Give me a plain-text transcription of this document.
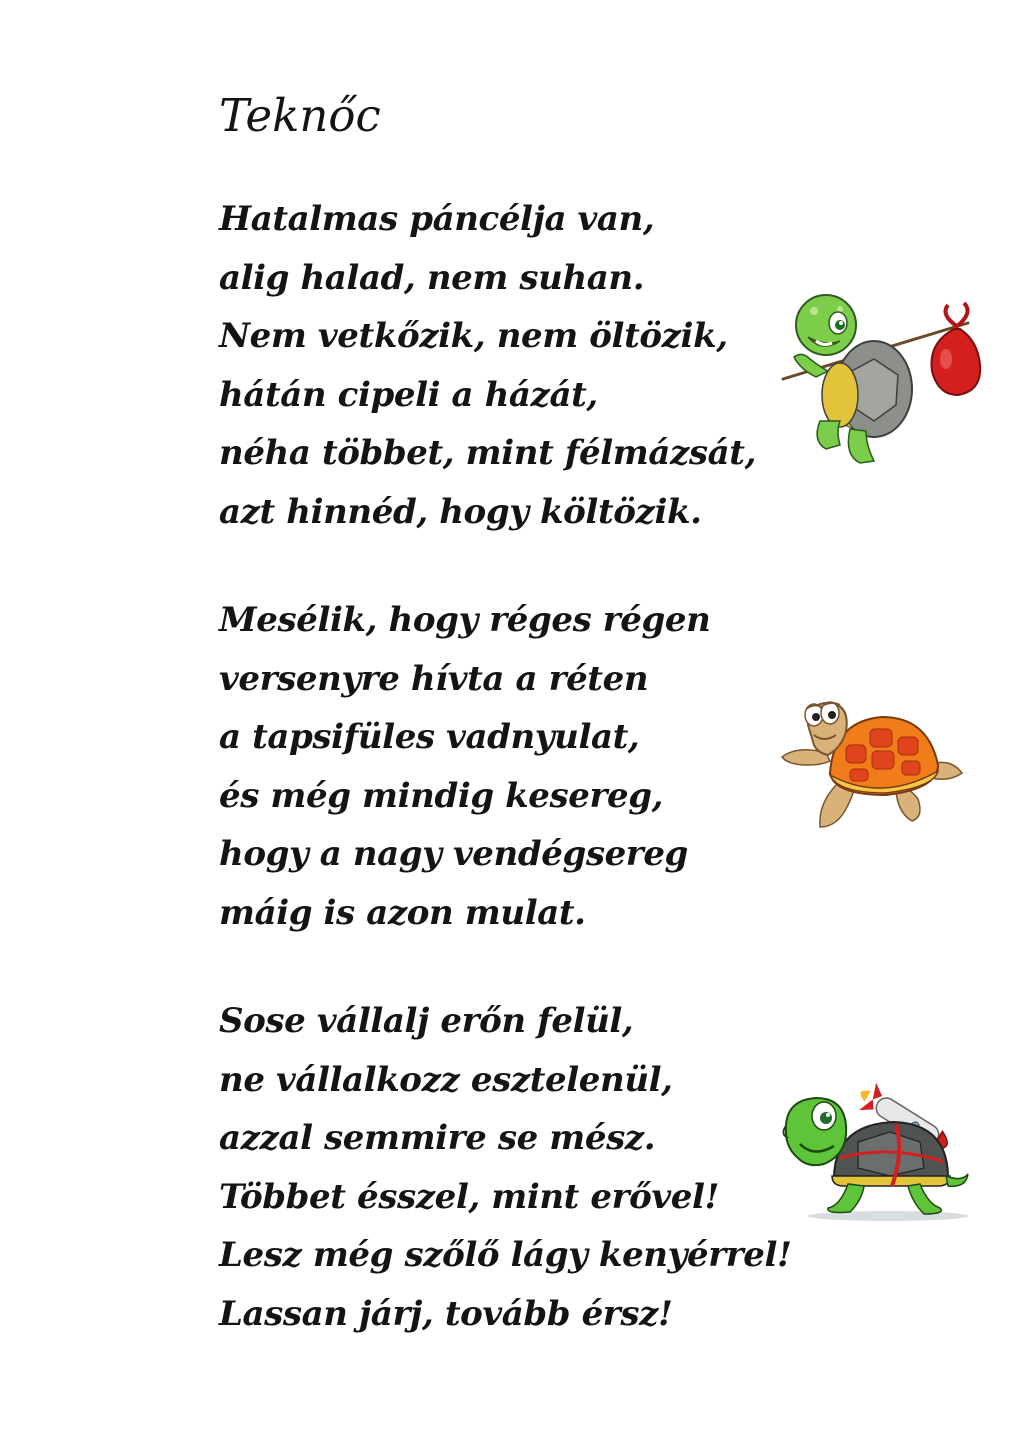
Teknőc
Hatalmas páncélja van,
alig halad, nem suhan.
Nem vetkőzik, nem öltözik,
hátán cipeli a házát,
néha többet, mint félmázsát,
azt hinnéd, hogy költözik.
Mesélik, hogy réges régen
versenyre hívta a réten
a tapsifüles vadnyulat,
és még mindig kesereg,
hogy a nagy vendégsereg
máig is azon mulat.
Sose vállalj erőn felül,
ne vállalkozz esztelenül,
azzal semmire se mész.
Többet ésszel, mint erővel!
Lesz még szőlő lágy kenyérrel!
Lassan járj, tovább érsz!
